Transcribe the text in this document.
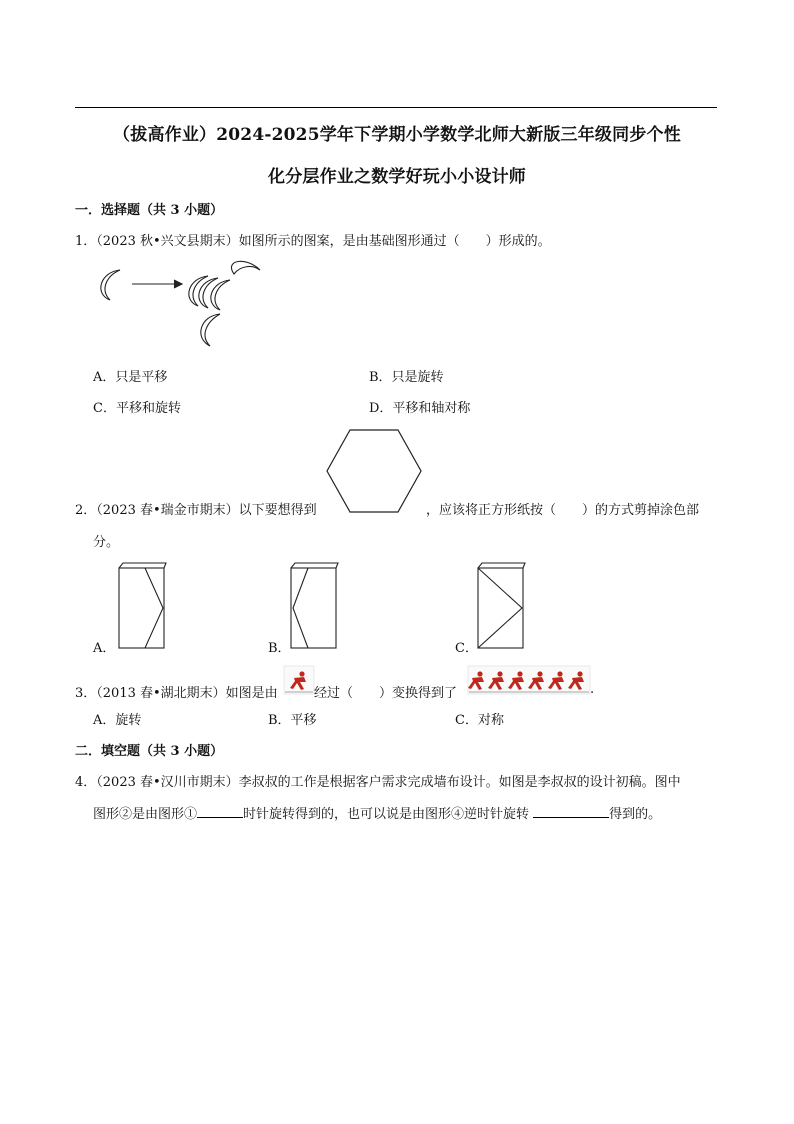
（拔高作业）2024-2025学年下学期小学数学北师大新版三年级同步个性
化分层作业之数学好玩小小设计师
一．选择题（共 3 小题）
1．（2023 秋•兴文县期末）如图所示的图案，是由基础图形通过（　　）形成的。
A．只是平移	B．只是旋转
C．平移和旋转	D．平移和轴对称
2．（2023 春•瑞金市期末）以下要想得到	，应该将正方形纸按（　　）的方式剪掉涂色部
分。
A．	B．	C．
3．（2013 春•湖北期末）如图是由	经过（　　）变换得到了	.
A．旋转	B．平移	C．对称
二．填空题（共 3 小题）
4．（2023 春•汉川市期末）李叔叔的工作是根据客户需求完成墙布设计。如图是李叔叔的设计初稿。图中
图形②是由图形①	时针旋转得到的，也可以说是由图形④逆时针旋转	得到的。
